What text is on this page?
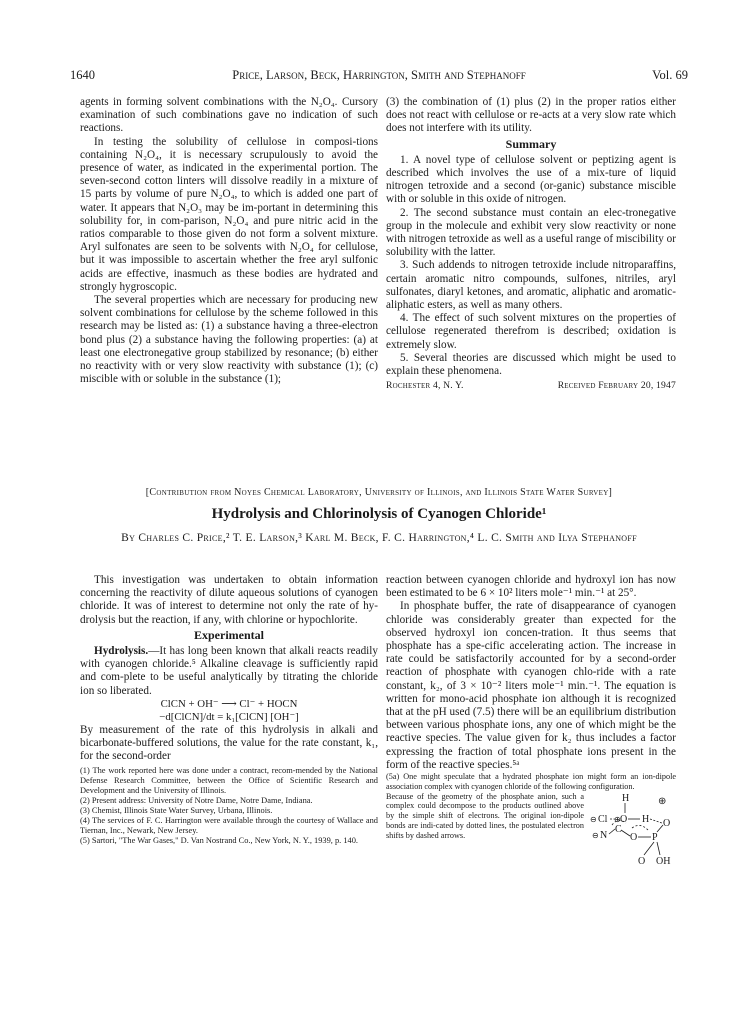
1640	Price, Larson, Beck, Harrington, Smith and Stephanoff	Vol. 69

agents in forming solvent combinations with the N₂O₄. Cursory examination of such combinations gave no indication of such reactions.

In testing the solubility of cellulose in composi-tions containing N₂O₄, it is necessary scrupulously to avoid the presence of water, as indicated in the experimental portion. The seven-second cotton linters will dissolve readily in a mixture of 15 parts by volume of pure N₂O₄, to which is added one part of water. It appears that N₂O₃ may be im-portant in determining this solubility for, in com-parison, N₂O₄ and pure nitric acid in the ratios comparable to those given do not form a solvent mixture. Aryl sulfonates are seen to be solvents with N₂O₄ for cellulose, but it was impossible to ascertain whether the free aryl sulfonic acids are effective, inasmuch as these bodies are hydrated and strongly hygroscopic.

The several properties which are necessary for producing new solvent combinations for cellulose by the scheme followed in this research may be listed as: (1) a substance having a three-electron bond plus (2) a substance having the following properties: (a) at least one electronegative group stabilized by resonance; (b) either no reactivity with or very slow reactivity with substance (1); (c) miscible with or soluble in the substance (1);

(3) the combination of (1) plus (2) in the proper ratios either does not react with cellulose or re-acts at a very slow rate which does not interfere with its utility.

Summary

1. A novel type of cellulose solvent or peptizing agent is described which involves the use of a mix-ture of liquid nitrogen tetroxide and a second (or-ganic) substance miscible with or soluble in this oxide of nitrogen.

2. The second substance must contain an elec-tronegative group in the molecule and exhibit very slow reactivity or none with nitrogen tetroxide as well as a useful range of miscibility or solubility with the latter.

3. Such addends to nitrogen tetroxide include nitroparaffins, certain aromatic nitro compounds, sulfones, nitriles, aryl sulfonates, diaryl ketones, and aromatic, aliphatic and aromatic-aliphatic esters, as well as many others.

4. The effect of such solvent mixtures on the properties of cellulose regenerated therefrom is described; oxidation is extremely slow.

5. Several theories are discussed which might be used to explain these phenomena.

Rochester 4, N. Y.	Received February 20, 1947
[Contribution from Noyes Chemical Laboratory, University of Illinois, and Illinois State Water Survey]
Hydrolysis and Chlorinolysis of Cyanogen Chloride¹
By Charles C. Price,² T. E. Larson,³ Karl M. Beck, F. C. Harrington,⁴ L. C. Smith and Ilya Stephanoff

This investigation was undertaken to obtain information concerning the reactivity of dilute aqueous solutions of cyanogen chloride. It was of interest to determine not only the rate of hy-drolysis but the reaction, if any, with chlorine or hypochlorite.

Experimental

Hydrolysis.—It has long been known that alkali reacts readily with cyanogen chloride.⁵ Alkaline cleavage is sufficiently rapid and com-plete to be useful analytically by titrating the chloride ion so liberated.

ClCN + OH⁻ ⟶ Cl⁻ + HOCN
−d[ClCN]/dt = k₁[ClCN] [OH⁻]

By measurement of the rate of this hydrolysis in alkali and bicarbonate-buffered solutions, the value for the rate constant, k₁, for the second-order

(1) The work reported here was done under a contract, recom-mended by the National Defense Research Committee, between the Office of Scientific Research and Development and the University of Illinois.

(2) Present address: University of Notre Dame, Notre Dame, Indiana.

(3) Chemist, Illinois State Water Survey, Urbana, Illinois.

(4) The services of F. C. Harrington were available through the courtesy of Wallace and Tiernan, Inc., Newark, New Jersey.

(5) Sartori, "The War Gases," D. Van Nostrand Co., New York, N. Y., 1939, p. 140.

reaction between cyanogen chloride and hydroxyl ion has now been estimated to be 6 × 10² liters mole⁻¹ min.⁻¹ at 25°.

In phosphate buffer, the rate of disappearance of cyanogen chloride was considerably greater than expected for the observed hydroxyl ion concen-tration. It thus seems that phosphate has a spe-cific accelerating action. The increase in rate could be satisfactorily accounted for by a second-order reaction of phosphate with cyanogen chlo-ride with a rate constant, k₂, of 3 × 10⁻² liters mole⁻¹ min.⁻¹. The equation is written for mono-acid phosphate ion although it is recognized that at the pH used (7.5) there will be an equilibrium distribution between various phosphate ions, any one of which might be the reactive species. The value given for k₂ thus includes a factor expressing the fraction of total phosphate ions present in the form of the reactive species.⁵ᵃ

(5a) One might speculate that a hydrated phosphate ion might form an ion-dipole association complex with cyanogen chloride of the following configuration.

Because of the geometry of the phosphate anion, such a complex could decompose to the products outlined above by the simple shift of electrons. The original ion-dipole bonds are indi-cated by dotted lines, the postulated electron shifts by dashed arrows.

H	⊕
⊖ Cl ⊕ O H O
⊖ N
C
O P
O OH
